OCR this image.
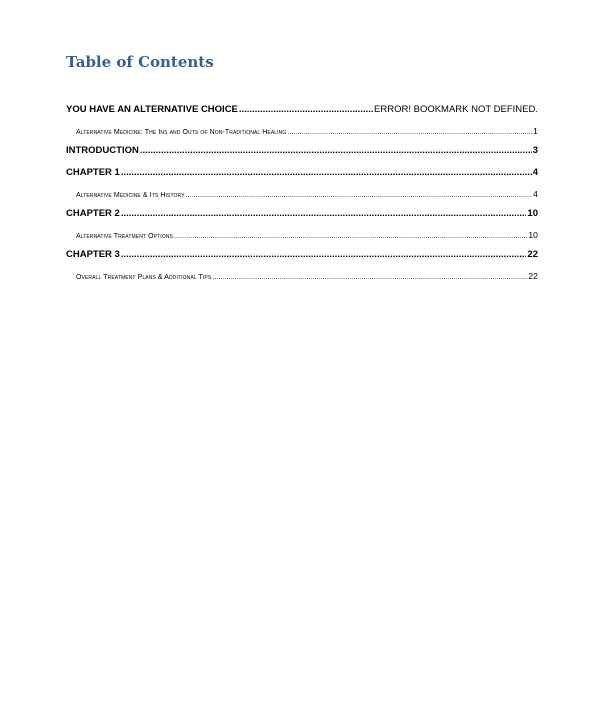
Table of Contents
YOU HAVE AN ALTERNATIVE CHOICE .....	ERROR! BOOKMARK NOT DEFINED.
Alternative Medicine: The Ins and Outs of Non-Traditional Healing .....	1
INTRODUCTION .....	3
CHAPTER 1 .....	4
Alternative Medicine & Its History .....	4
CHAPTER 2 .....	10
Alternative Treatment Options .....	10
CHAPTER 3 .....	22
Overall Treatment Plans & Additional Tips .....	22
